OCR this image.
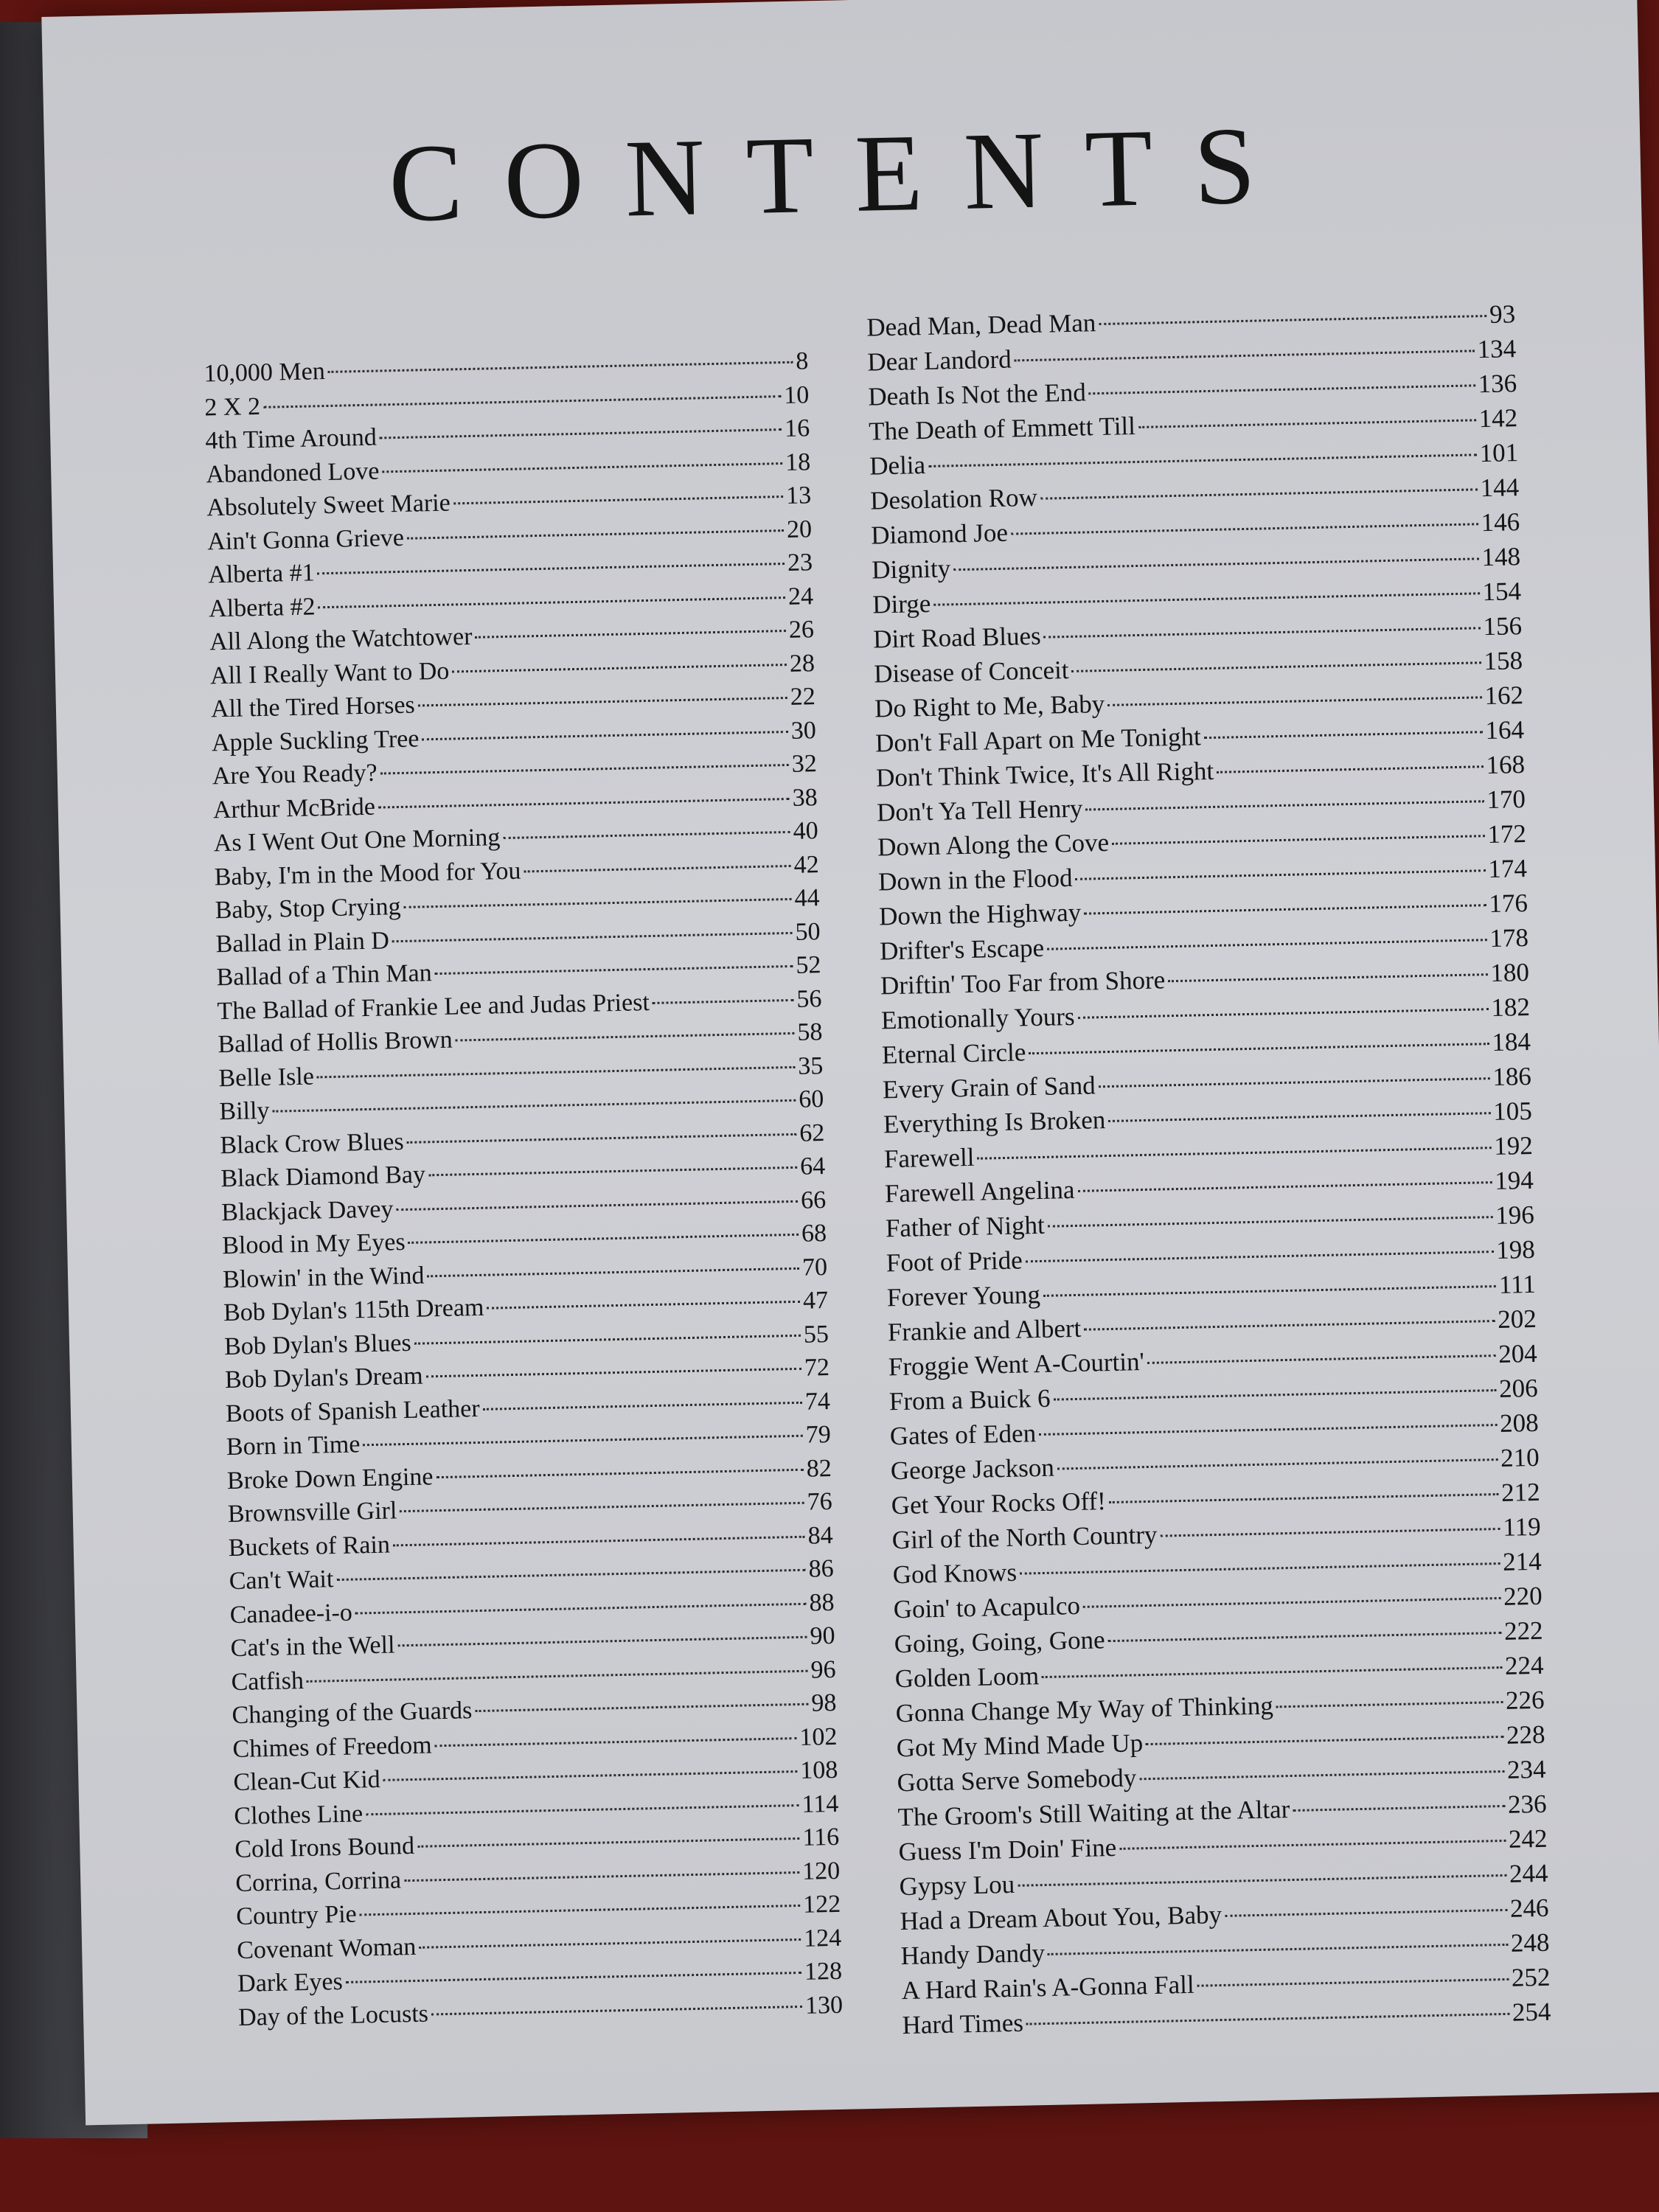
CONTENTS
10,000 Men	8
2 X 2	10
4th Time Around	16
Abandoned Love	18
Absolutely Sweet Marie	13
Ain't Gonna Grieve	20
Alberta #1	23
Alberta #2	24
All Along the Watchtower	26
All I Really Want to Do	28
All the Tired Horses	22
Apple Suckling Tree	30
Are You Ready?	32
Arthur McBride	38
As I Went Out One Morning	40
Baby, I'm in the Mood for You	42
Baby, Stop Crying	44
Ballad in Plain D	50
Ballad of a Thin Man	52
The Ballad of Frankie Lee and Judas Priest	56
Ballad of Hollis Brown	58
Belle Isle	35
Billy	60
Black Crow Blues	62
Black Diamond Bay	64
Blackjack Davey	66
Blood in My Eyes	68
Blowin' in the Wind	70
Bob Dylan's 115th Dream	47
Bob Dylan's Blues	55
Bob Dylan's Dream	72
Boots of Spanish Leather	74
Born in Time	79
Broke Down Engine	82
Brownsville Girl	76
Buckets of Rain	84
Can't Wait	86
Canadee-i-o	88
Cat's in the Well	90
Catfish	96
Changing of the Guards	98
Chimes of Freedom	102
Clean-Cut Kid	108
Clothes Line	114
Cold Irons Bound	116
Corrina, Corrina	120
Country Pie	122
Covenant Woman	124
Dark Eyes	128
Day of the Locusts	130
Dead Man, Dead Man	93
Dear Landord	134
Death Is Not the End	136
The Death of Emmett Till	142
Delia	101
Desolation Row	144
Diamond Joe	146
Dignity	148
Dirge	154
Dirt Road Blues	156
Disease of Conceit	158
Do Right to Me, Baby	162
Don't Fall Apart on Me Tonight	164
Don't Think Twice, It's All Right	168
Don't Ya Tell Henry	170
Down Along the Cove	172
Down in the Flood	174
Down the Highway	176
Drifter's Escape	178
Driftin' Too Far from Shore	180
Emotionally Yours	182
Eternal Circle	184
Every Grain of Sand	186
Everything Is Broken	105
Farewell	192
Farewell Angelina	194
Father of Night	196
Foot of Pride	198
Forever Young	111
Frankie and Albert	202
Froggie Went A-Courtin'	204
From a Buick 6	206
Gates of Eden	208
George Jackson	210
Get Your Rocks Off!	212
Girl of the North Country	119
God Knows	214
Goin' to Acapulco	220
Going, Going, Gone	222
Golden Loom	224
Gonna Change My Way of Thinking	226
Got My Mind Made Up	228
Gotta Serve Somebody	234
The Groom's Still Waiting at the Altar	236
Guess I'm Doin' Fine	242
Gypsy Lou	244
Had a Dream About You, Baby	246
Handy Dandy	248
A Hard Rain's A-Gonna Fall	252
Hard Times	254
